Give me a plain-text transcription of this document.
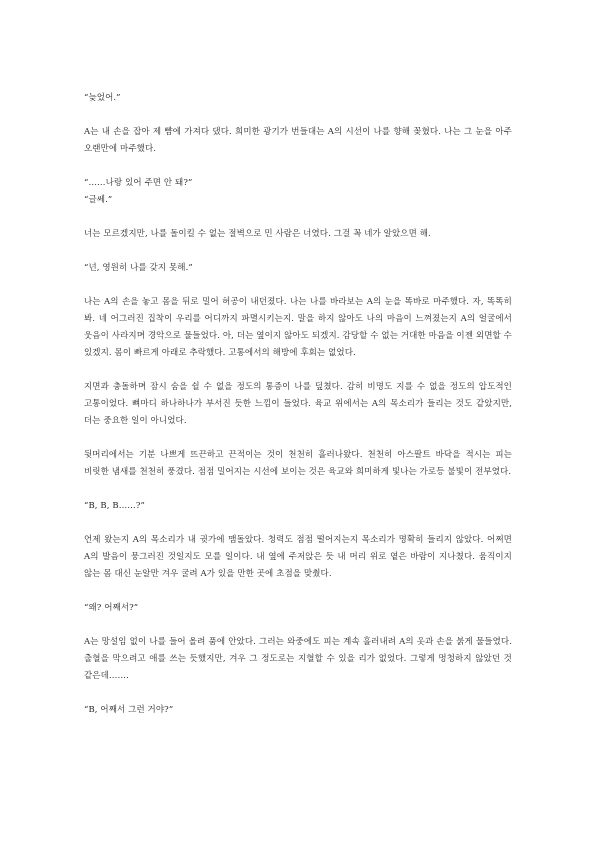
“늦었어.”

A는 내 손을 잡아 제 뺨에 가져다 댔다. 희미한 광기가 번들대는 A의 시선이 나를 향해 꽂혔다. 나는 그 눈을 아주 오랜만에 마주했다.

“……나랑 있어 주면 안 돼?”

“글쎄.”

너는 모르겠지만, 나를 돌이킬 수 없는 절벽으로 민 사람은 너였다. 그걸 꼭 네가 알았으면 해.

“넌, 영원히 나를 갖지 못해.”

나는 A의 손을 놓고 몸을 뒤로 밀어 허공이 내던졌다. 나는 나를 바라보는 A의 눈을 똑바로 마주했다. 자, 똑똑히 봐. 네 어그러진 집착이 우리를 어디까지 파멸시키는지. 말을 하지 않아도 나의 마음이 느껴졌는지 A의 얼굴에서 웃음이 사라지며 경악으로 물들었다. 아, 더는 옆이지 않아도 되겠지. 감당할 수 없는 거대한 마음을 이젠 외면할 수 있겠지. 몸이 빠르게 아래로 추락했다. 고통에서의 해방에 후회는 없었다.

지면과 충돌하며 잠시 숨을 쉴 수 없을 정도의 통증이 나를 덮쳤다. 감히 비명도 지를 수 없을 정도의 압도적인 고통이었다. 뼈마디 하나하나가 부서진 듯한 느낌이 들었다. 육교 위에서는 A의 목소리가 들리는 것도 같았지만, 더는 중요한 일이 아니었다.

뒷머리에서는 기분 나쁘게 뜨끈하고 끈적이는 것이 천천히 흘러나왔다. 천천히 아스팔트 바닥을 적시는 피는 비릿한 냄새를 천천히 풍겼다. 점점 밀어지는 시선에 보이는 것은 육교와 희미하게 빛나는 가로등 불빛이 전부였다.

“B, B, B……?”

언제 왔는지 A의 목소리가 내 귓가에 맴돌았다. 청력도 점점 떨어지는지 목소리가 명확히 들리지 않았다. 어쩌면 A의 발음이 뭉그러진 것일지도 모를 일이다. 내 옆에 주저앉은 듯 내 머리 위로 옅은 바람이 지나쳤다. 움직이지 않는 몸 대신 눈알만 겨우 굴려 A가 있을 만한 곳에 초점을 맞췄다.

“왜? 어째서?”

A는 망설임 없이 나를 들어 올려 품에 안았다. 그러는 와중에도 피는 계속 흘러내려 A의 옷과 손을 붉게 물들였다. 출혈을 막으려고 애를 쓰는 듯했지만, 겨우 그 정도로는 지혈할 수 있을 리가 없었다. 그렇게 멍청하지 않았던 것 같은데…….

“B, 어째서 그런 거야?”
